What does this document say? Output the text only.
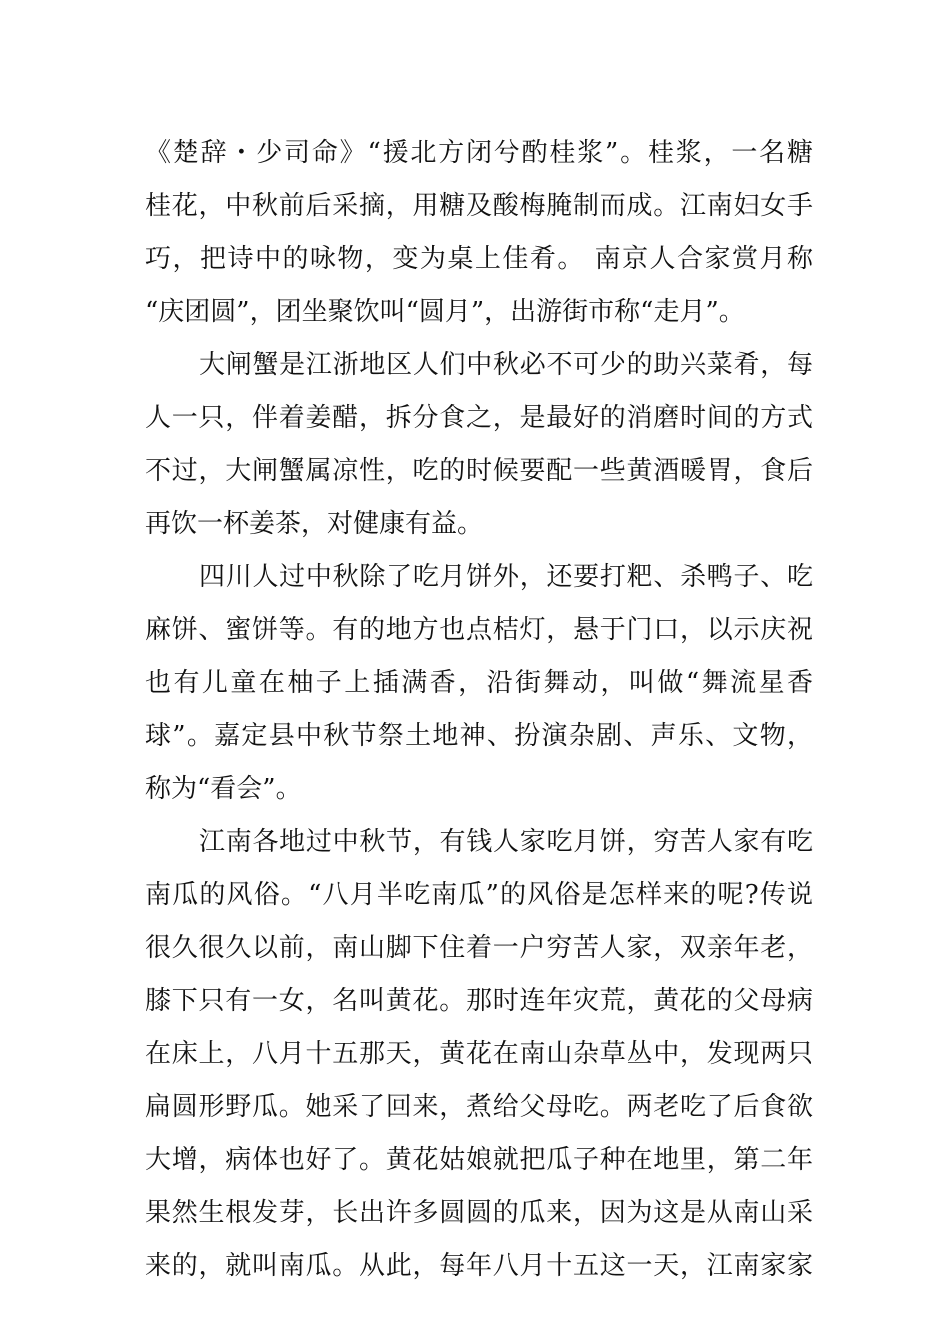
《楚辞・少司命》“援北方闭兮酌桂浆”。桂浆，一名糖
桂花，中秋前后采摘，用糖及酸梅腌制而成。江南妇女手
巧，把诗中的咏物，变为桌上佳肴。 南京人合家赏月称
“庆团圆”，团坐聚饮叫“圆月”，出游街市称“走月”。
大闸蟹是江浙地区人们中秋必不可少的助兴菜肴，每
人一只，伴着姜醋，拆分食之，是最好的消磨时间的方式
不过，大闸蟹属凉性，吃的时候要配一些黄酒暖胃，食后
再饮一杯姜茶，对健康有益。
四川人过中秋除了吃月饼外，还要打粑、杀鸭子、吃
麻饼、蜜饼等。有的地方也点桔灯，悬于门口，以示庆祝
也有儿童在柚子上插满香，沿街舞动，叫做“舞流星香
球”。嘉定县中秋节祭土地神、扮演杂剧、声乐、文物，
称为“看会”。
江南各地过中秋节，有钱人家吃月饼，穷苦人家有吃
南瓜的风俗。“八月半吃南瓜”的风俗是怎样来的呢?传说
很久很久以前，南山脚下住着一户穷苦人家，双亲年老，
膝下只有一女，名叫黄花。那时连年灾荒，黄花的父母病
在床上，八月十五那天，黄花在南山杂草丛中，发现两只
扁圆形野瓜。她采了回来，煮给父母吃。两老吃了后食欲
大增，病体也好了。黄花姑娘就把瓜子种在地里，第二年
果然生根发芽，长出许多圆圆的瓜来，因为这是从南山采
来的，就叫南瓜。从此，每年八月十五这一天，江南家家
